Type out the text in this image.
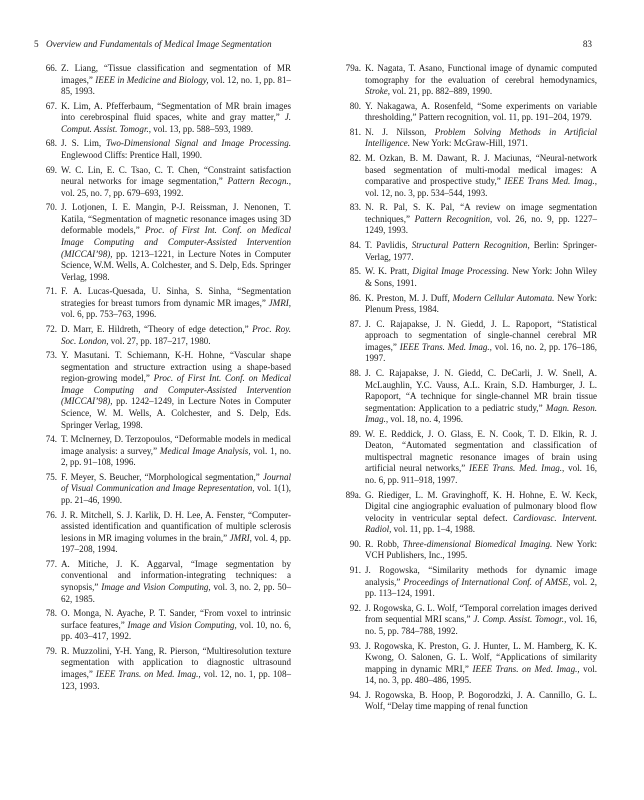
5 Overview and Fundamentals of Medical Image Segmentation	83
66. Z. Liang, “Tissue classification and segmentation of MR images,” IEEE in Medicine and Biology, vol. 12, no. 1, pp. 81–85, 1993.
67. K. Lim, A. Pfefferbaum, “Segmentation of MR brain images into cerebrospinal fluid spaces, white and gray matter,” J. Comput. Assist. Tomogr., vol. 13, pp. 588–593, 1989.
68. J. S. Lim, Two-Dimensional Signal and Image Processing. Englewood Cliffs: Prentice Hall, 1990.
69. W. C. Lin, E. C. Tsao, C. T. Chen, “Constraint satisfaction neural networks for image segmentation,” Pattern Recogn., vol. 25, no. 7, pp. 679–693, 1992.
70. J. Lotjonen, I. E. Mangin, P-J. Reissman, J. Nenonen, T. Katila, “Segmentation of magnetic resonance images using 3D deformable models,” Proc. of First Int. Conf. on Medical Image Computing and Computer-Assisted Intervention (MICCAI’98), pp. 1213–1221, in Lecture Notes in Computer Science, W.M. Wells, A. Colchester, and S. Delp, Eds. Springer Verlag, 1998.
71. F. A. Lucas-Quesada, U. Sinha, S. Sinha, “Segmentation strategies for breast tumors from dynamic MR images,” JMRI, vol. 6, pp. 753–763, 1996.
72. D. Marr, E. Hildreth, “Theory of edge detection,” Proc. Roy. Soc. London, vol. 27, pp. 187–217, 1980.
73. Y. Masutani. T. Schiemann, K-H. Hohne, “Vascular shape segmentation and structure extraction using a shape-based region-growing model,” Proc. of First Int. Conf. on Medical Image Computing and Computer-Assisted Intervention (MICCAI’98), pp. 1242–1249, in Lecture Notes in Computer Science, W. M. Wells, A. Colchester, and S. Delp, Eds. Springer Verlag, 1998.
74. T. McInerney, D. Terzopoulos, “Deformable models in medical image analysis: a survey,” Medical Image Analysis, vol. 1, no. 2, pp. 91–108, 1996.
75. F. Meyer, S. Beucher, “Morphological segmentation,” Journal of Visual Communication and Image Representation, vol. 1(1), pp. 21–46, 1990.
76. J. R. Mitchell, S. J. Karlik, D. H. Lee, A. Fenster, “Computer-assisted identification and quantification of multiple sclerosis lesions in MR imaging volumes in the brain,” JMRI, vol. 4, pp. 197–208, 1994.
77. A. Mitiche, J. K. Aggarval, “Image segmentation by conventional and information-integrating techniques: a synopsis,” Image and Vision Computing, vol. 3, no. 2, pp. 50–62, 1985.
78. O. Monga, N. Ayache, P. T. Sander, “From voxel to intrinsic surface features,” Image and Vision Computing, vol. 10, no. 6, pp. 403–417, 1992.
79. R. Muzzolini, Y-H. Yang, R. Pierson, “Multiresolution texture segmentation with application to diagnostic ultrasound images,” IEEE Trans. on Med. Imag., vol. 12, no. 1, pp. 108–123, 1993.
79a. K. Nagata, T. Asano, Functional image of dynamic computed tomography for the evaluation of cerebral hemodynamics, Stroke, vol. 21, pp. 882–889, 1990.
80. Y. Nakagawa, A. Rosenfeld, “Some experiments on variable thresholding,” Pattern recognition, vol. 11, pp. 191–204, 1979.
81. N. J. Nilsson, Problem Solving Methods in Artificial Intelligence. New York: McGraw-Hill, 1971.
82. M. Ozkan, B. M. Dawant, R. J. Maciunas, “Neural-network based segmentation of multi-modal medical images: A comparative and prospective study,” IEEE Trans Med. Imag., vol. 12, no. 3, pp. 534–544, 1993.
83. N. R. Pal, S. K. Pal, “A review on image segmentation techniques,” Pattern Recognition, vol. 26, no. 9, pp. 1227–1249, 1993.
84. T. Pavlidis, Structural Pattern Recognition, Berlin: Springer-Verlag, 1977.
85. W. K. Pratt, Digital Image Processing. New York: John Wiley & Sons, 1991.
86. K. Preston, M. J. Duff, Modern Cellular Automata. New York: Plenum Press, 1984.
87. J. C. Rajapakse, J. N. Giedd, J. L. Rapoport, “Statistical approach to segmentation of single-channel cerebral MR images,” IEEE Trans. Med. Imag., vol. 16, no. 2, pp. 176–186, 1997.
88. J. C. Rajapakse, J. N. Giedd, C. DeCarli, J. W. Snell, A. McLaughlin, Y.C. Vauss, A.L. Krain, S.D. Hamburger, J. L. Rapoport, “A technique for single-channel MR brain tissue segmentation: Application to a pediatric study,” Magn. Reson. Imag., vol. 18, no. 4, 1996.
89. W. E. Reddick, J. O. Glass, E. N. Cook, T. D. Elkin, R. J. Deaton, “Automated segmentation and classification of multispectral magnetic resonance images of brain using artificial neural networks,” IEEE Trans. Med. Imag., vol. 16, no. 6, pp. 911–918, 1997.
89a. G. Riediger, L. M. Gravinghoff, K. H. Hohne, E. W. Keck, Digital cine angiographic evaluation of pulmonary blood flow velocity in ventricular septal defect. Cardiovasc. Intervent. Radiol, vol. 11, pp. 1–4, 1988.
90. R. Robb, Three-dimensional Biomedical Imaging. New York: VCH Publishers, Inc., 1995.
91. J. Rogowska, “Similarity methods for dynamic image analysis,” Proceedings of International Conf. of AMSE, vol. 2, pp. 113–124, 1991.
92. J. Rogowska, G. L. Wolf, “Temporal correlation images derived from sequential MRI scans,” J. Comp. Assist. Tomogr., vol. 16, no. 5, pp. 784–788, 1992.
93. J. Rogowska, K. Preston, G. J. Hunter, L. M. Hamberg, K. K. Kwong, O. Salonen, G. L. Wolf, “Applications of similarity mapping in dynamic MRI,” IEEE Trans. on Med. Imag., vol. 14, no. 3, pp. 480–486, 1995.
94. J. Rogowska, B. Hoop, P. Bogorodzki, J. A. Cannillo, G. L. Wolf, “Delay time mapping of renal function
